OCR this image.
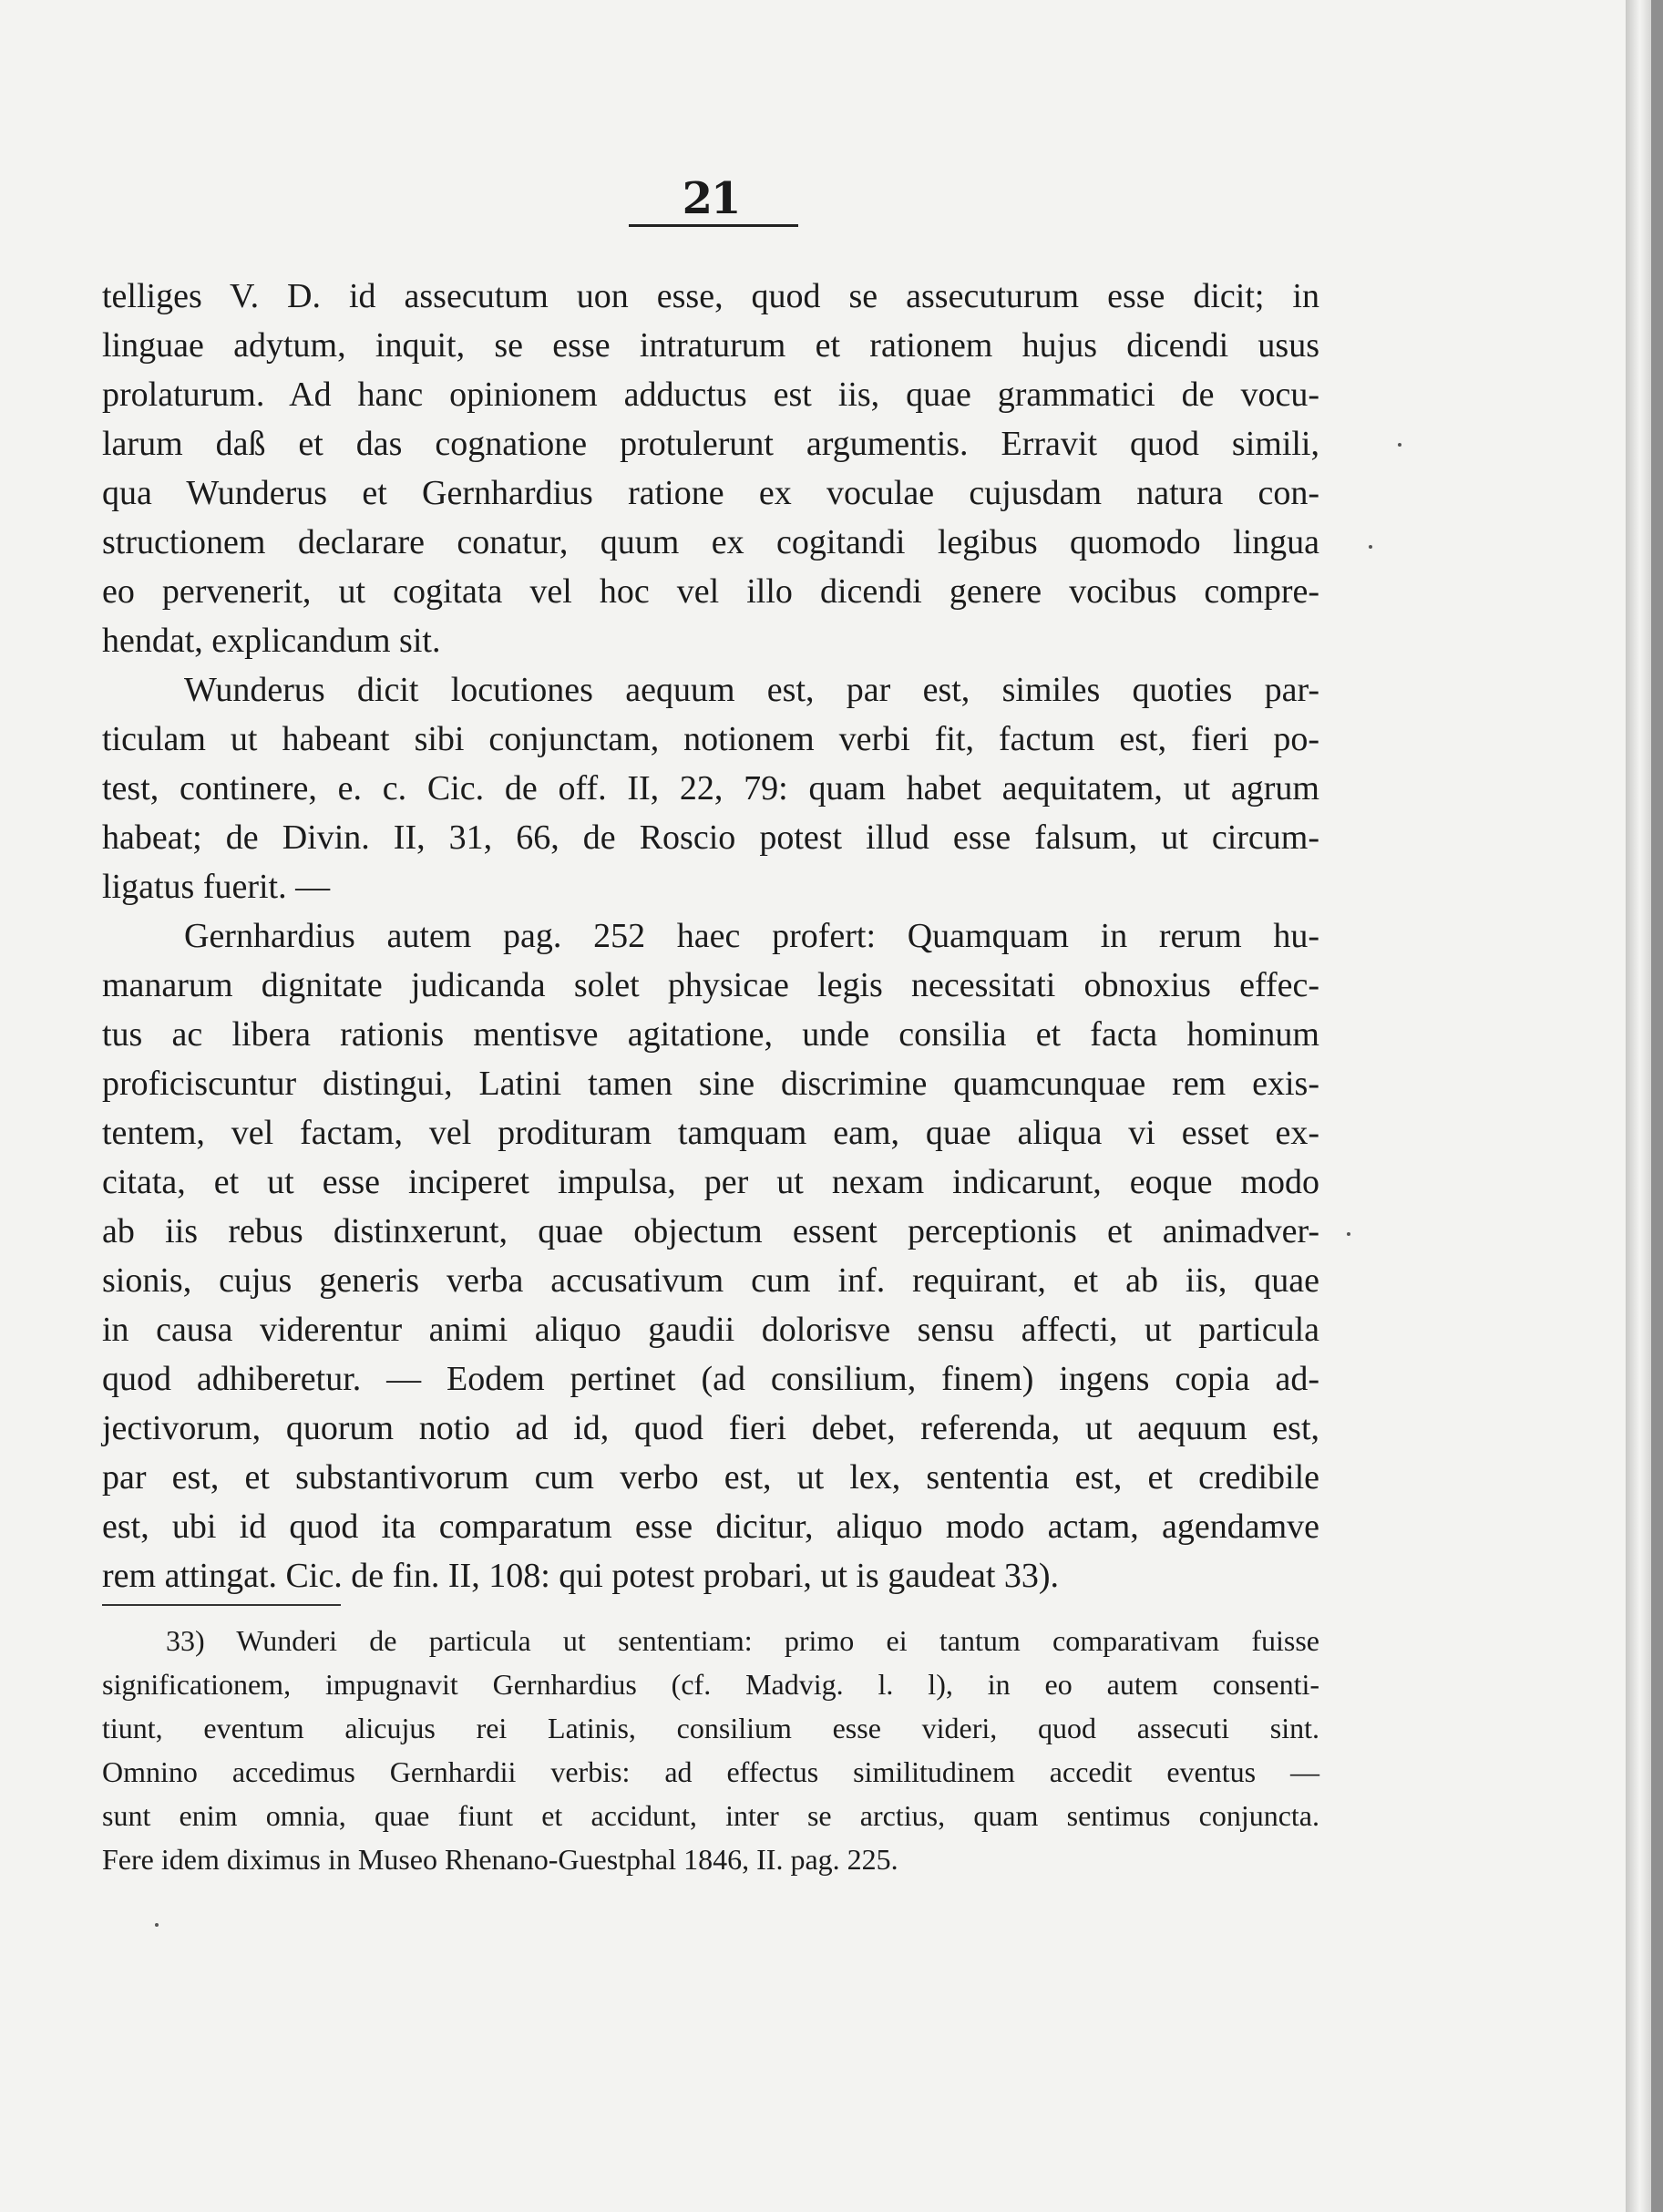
21
telliges V. D. id assecutum uon esse, quod se assecuturum esse dicit; in
linguae adytum, inquit, se esse intraturum et rationem hujus dicendi usus
prolaturum. Ad hanc opinionem adductus est iis, quae grammatici de vocu-
larum daß et das cognatione protulerunt argumentis. Erravit quod simili,
qua Wunderus et Gernhardius ratione ex voculae cujusdam natura con-
structionem declarare conatur, quum ex cogitandi legibus quomodo lingua
eo pervenerit, ut cogitata vel hoc vel illo dicendi genere vocibus compre-
hendat, explicandum sit.
Wunderus dicit locutiones aequum est, par est, similes quoties par-
ticulam ut habeant sibi conjunctam, notionem verbi fit, factum est, fieri po-
test, continere, e. c. Cic. de off. II, 22, 79: quam habet aequitatem, ut agrum
habeat; de Divin. II, 31, 66, de Roscio potest illud esse falsum, ut circum-
ligatus fuerit. —
Gernhardius autem pag. 252 haec profert: Quamquam in rerum hu-
manarum dignitate judicanda solet physicae legis necessitati obnoxius effec-
tus ac libera rationis mentisve agitatione, unde consilia et facta hominum
proficiscuntur distingui, Latini tamen sine discrimine quamcunquae rem exis-
tentem, vel factam, vel prodituram tamquam eam, quae aliqua vi esset ex-
citata, et ut esse inciperet impulsa, per ut nexam indicarunt, eoque modo
ab iis rebus distinxerunt, quae objectum essent perceptionis et animadver-
sionis, cujus generis verba accusativum cum inf. requirant, et ab iis, quae
in causa viderentur animi aliquo gaudii dolorisve sensu affecti, ut particula
quod adhiberetur. — Eodem pertinet (ad consilium, finem) ingens copia ad-
jectivorum, quorum notio ad id, quod fieri debet, referenda, ut aequum est,
par est, et substantivorum cum verbo est, ut lex, sententia est, et credibile
est, ubi id quod ita comparatum esse dicitur, aliquo modo actam, agendamve
rem attingat. Cic. de fin. II, 108: qui potest probari, ut is gaudeat 33).
33) Wunderi de particula ut sententiam: primo ei tantum comparativam fuisse
significationem, impugnavit Gernhardius (cf. Madvig. l. l), in eo autem consenti-
tiunt, eventum alicujus rei Latinis, consilium esse videri, quod assecuti sint.
Omnino accedimus Gernhardii verbis: ad effectus similitudinem accedit eventus —
sunt enim omnia, quae fiunt et accidunt, inter se arctius, quam sentimus conjuncta.
Fere idem diximus in Museo Rhenano-Guestphal 1846, II. pag. 225.
